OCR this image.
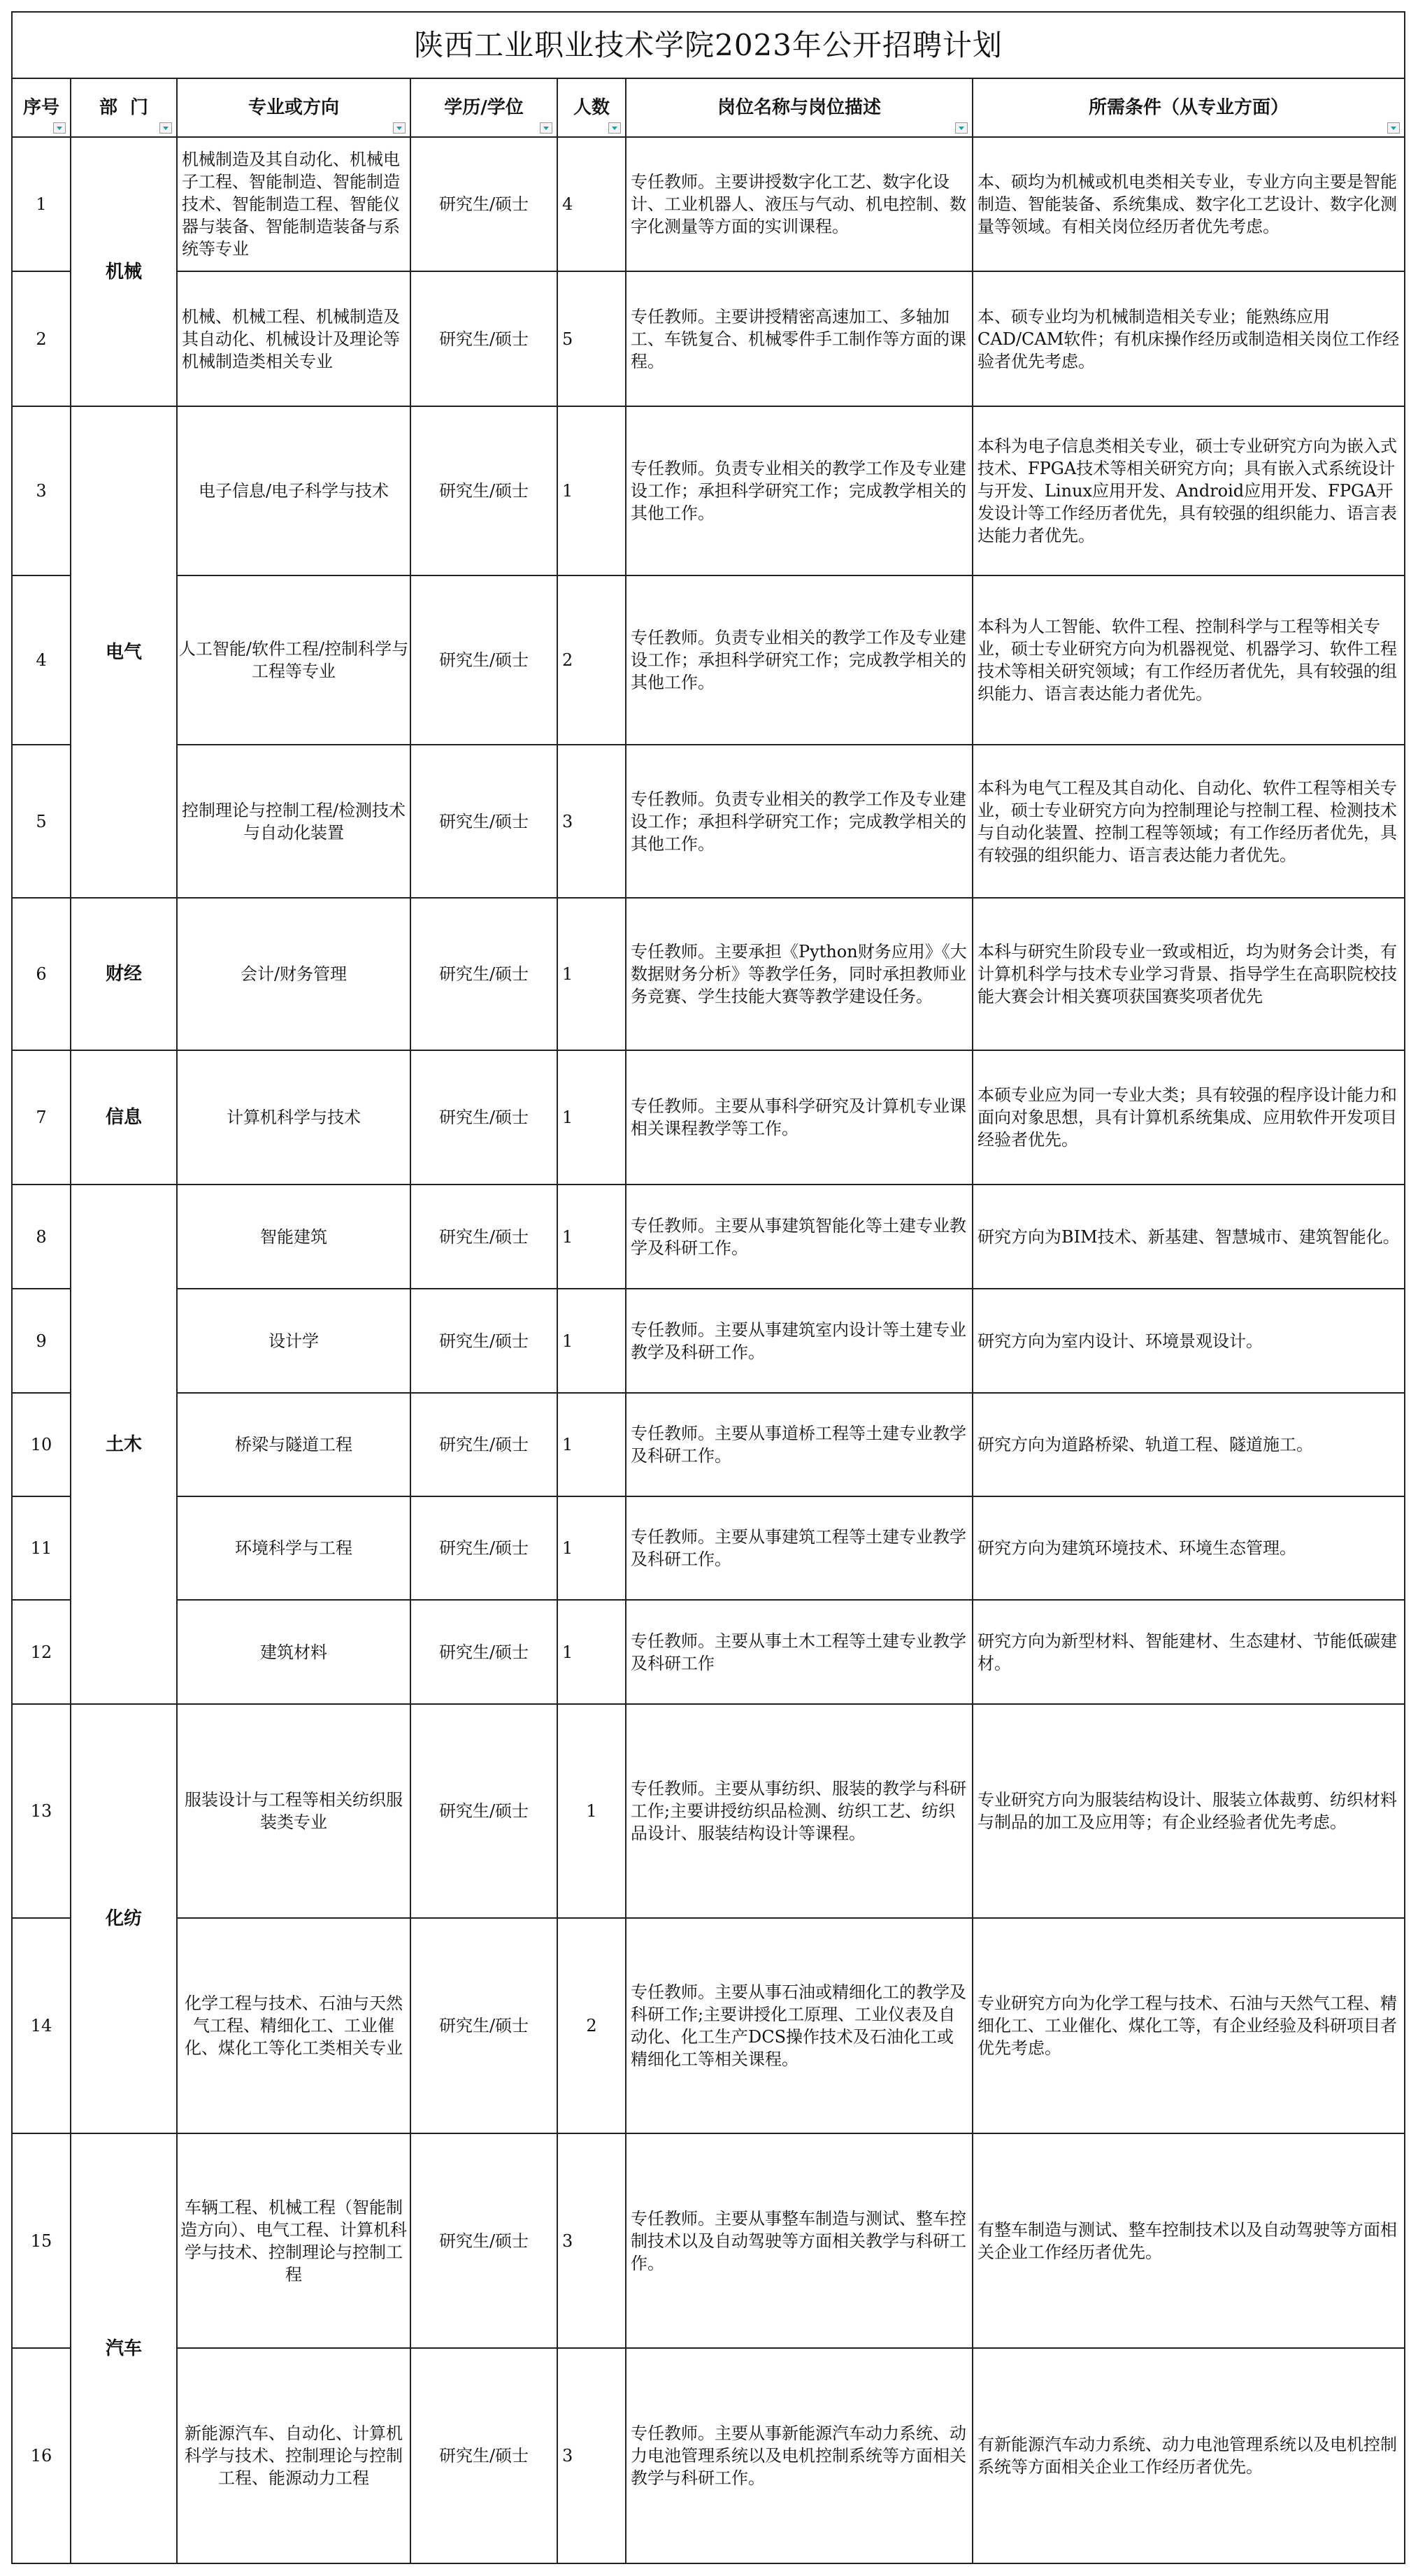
陕西工业职业技术学院2023年公开招聘计划						
序号	部  门	专业或方向	学历/学位	人数	岗位名称与岗位描述	所需条件（从专业方面）

1	机械	机械制造及其自动化、机械电子工程、智能制造、智能制造技术、智能制造工程、智能仪器与装备、智能制造装备与系统等专业	研究生/硕士	4	专任教师。主要讲授数字化工艺、数字化设计、工业机器人、液压与气动、机电控制、数字化测量等方面的实训课程。	本、硕均为机械或机电类相关专业，专业方向主要是智能制造、智能装备、系统集成、数字化工艺设计、数字化测量等领域。有相关岗位经历者优先考虑。
2		机械、机械工程、机械制造及其自动化、机械设计及理论等机械制造类相关专业	研究生/硕士	5	专任教师。主要讲授精密高速加工、多轴加工、车铣复合、机械零件手工制作等方面的课程。	本、硕专业均为机械制造相关专业；能熟练应用CAD/CAM软件；有机床操作经历或制造相关岗位工作经验者优先考虑。
3	电气	电子信息/电子科学与技术	研究生/硕士	1	专任教师。负责专业相关的教学工作及专业建设工作；承担科学研究工作；完成教学相关的其他工作。	本科为电子信息类相关专业，硕士专业研究方向为嵌入式技术、FPGA技术等相关研究方向；具有嵌入式系统设计与开发、Linux应用开发、Android应用开发、FPGA开发设计等工作经历者优先，具有较强的组织能力、语言表达能力者优先。
4		人工智能/软件工程/控制科学与工程等专业	研究生/硕士	2	专任教师。负责专业相关的教学工作及专业建设工作；承担科学研究工作；完成教学相关的其他工作。	本科为人工智能、软件工程、控制科学与工程等相关专业，硕士专业研究方向为机器视觉、机器学习、软件工程技术等相关研究领域；有工作经历者优先，具有较强的组织能力、语言表达能力者优先。
5		控制理论与控制工程/检测技术与自动化装置	研究生/硕士	3	专任教师。负责专业相关的教学工作及专业建设工作；承担科学研究工作；完成教学相关的其他工作。	本科为电气工程及其自动化、自动化、软件工程等相关专业，硕士专业研究方向为控制理论与控制工程、检测技术与自动化装置、控制工程等领域；有工作经历者优先，具有较强的组织能力、语言表达能力者优先。
6	财经	会计/财务管理	研究生/硕士	1	专任教师。主要承担《Python财务应用》《大数据财务分析》等教学任务，同时承担教师业务竞赛、学生技能大赛等教学建设任务。	本科与研究生阶段专业一致或相近，均为财务会计类，有计算机科学与技术专业学习背景、指导学生在高职院校技能大赛会计相关赛项获国赛奖项者优先
7	信息	计算机科学与技术	研究生/硕士	1	专任教师。主要从事科学研究及计算机专业课相关课程教学等工作。	本硕专业应为同一专业大类；具有较强的程序设计能力和面向对象思想，具有计算机系统集成、应用软件开发项目经验者优先。
8	土木	智能建筑	研究生/硕士	1	专任教师。主要从事建筑智能化等土建专业教学及科研工作。	研究方向为BIM技术、新基建、智慧城市、建筑智能化。
9		设计学	研究生/硕士	1	专任教师。主要从事建筑室内设计等土建专业教学及科研工作。	研究方向为室内设计、环境景观设计。
10		桥梁与隧道工程	研究生/硕士	1	专任教师。主要从事道桥工程等土建专业教学及科研工作。	研究方向为道路桥梁、轨道工程、隧道施工。
11		环境科学与工程	研究生/硕士	1	专任教师。主要从事建筑工程等土建专业教学及科研工作。	研究方向为建筑环境技术、环境生态管理。
12		建筑材料	研究生/硕士	1	专任教师。主要从事土木工程等土建专业教学及科研工作	研究方向为新型材料、智能建材、生态建材、节能低碳建材。
13	化纺	服装设计与工程等相关纺织服装类专业	研究生/硕士	1	专任教师。主要从事纺织、服装的教学与科研工作;主要讲授纺织品检测、纺织工艺、纺织品设计、服装结构设计等课程。	专业研究方向为服装结构设计、服装立体裁剪、纺织材料与制品的加工及应用等；有企业经验者优先考虑。
14		化学工程与技术、石油与天然气工程、精细化工、工业催化、煤化工等化工类相关专业	研究生/硕士	2	专任教师。主要从事石油或精细化工的教学及科研工作;主要讲授化工原理、工业仪表及自动化、化工生产DCS操作技术及石油化工或精细化工等相关课程。	专业研究方向为化学工程与技术、石油与天然气工程、精细化工、工业催化、煤化工等，有企业经验及科研项目者优先考虑。
15	汽车	车辆工程、机械工程（智能制造方向）、电气工程、计算机科学与技术、控制理论与控制工程	研究生/硕士	3	专任教师。主要从事整车制造与测试、整车控制技术以及自动驾驶等方面相关教学与科研工作。	有整车制造与测试、整车控制技术以及自动驾驶等方面相关企业工作经历者优先。
16		新能源汽车、自动化、计算机科学与技术、控制理论与控制工程、能源动力工程	研究生/硕士	3	专任教师。主要从事新能源汽车动力系统、动力电池管理系统以及电机控制系统等方面相关教学与科研工作。	有新能源汽车动力系统、动力电池管理系统以及电机控制系统等方面相关企业工作经历者优先。
